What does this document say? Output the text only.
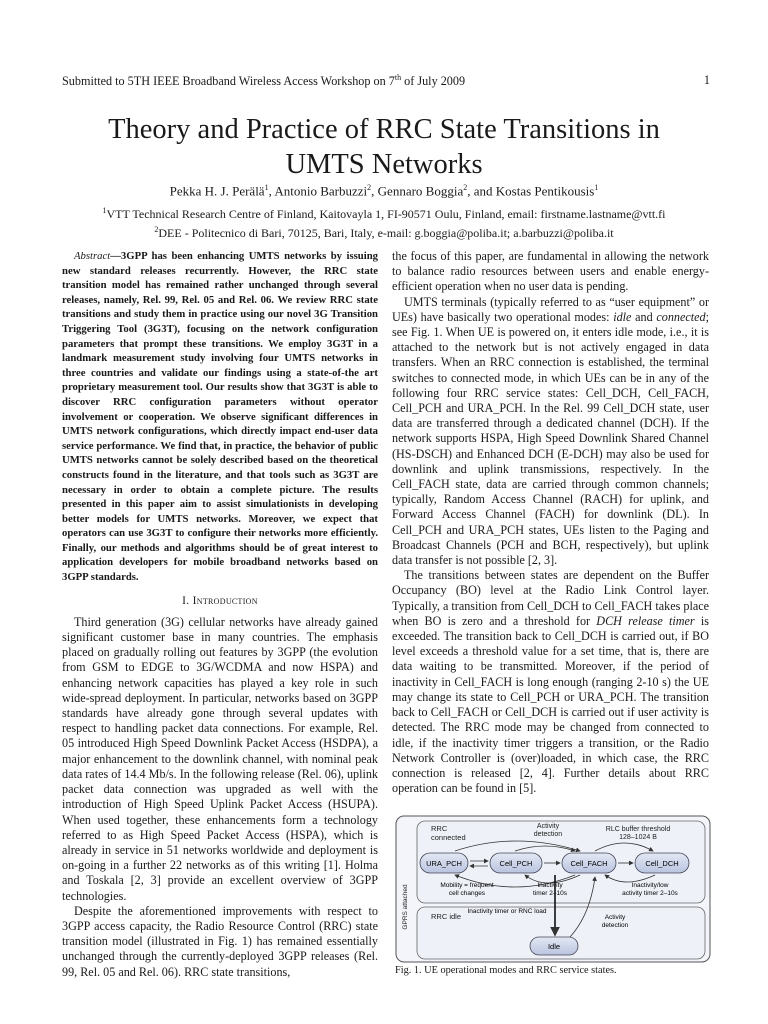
Submitted to 5TH IEEE Broadband Wireless Access Workshop on 7th of July 2009	1
Theory and Practice of RRC State Transitions in
UMTS Networks
Pekka H. J. Perälä$^1$, Antonio Barbuzzi$^2$, Gennaro Boggia$^2$, and Kostas Pentikousis$^1$
$^1$VTT Technical Research Centre of Finland, Kaitovayla 1, FI-90571 Oulu, Finland, email: firstname.lastname@vtt.fi
$^2$DEE - Politecnico di Bari, 70125, Bari, Italy, e-mail: g.boggia@poliba.it; a.barbuzzi@poliba.it
Abstract—3GPP has been enhancing UMTS networks by issuing new standard releases recurrently. However, the RRC state transition model has remained rather unchanged through several releases, namely, Rel. 99, Rel. 05 and Rel. 06. We review RRC state transitions and study them in practice using our novel 3G Transition Triggering Tool (3G3T), focusing on the network configuration parameters that prompt these transitions. We employ 3G3T in a landmark measurement study involving four UMTS networks in three countries and validate our findings using a state-of-the art proprietary measurement tool. Our results show that 3G3T is able to discover RRC configuration parameters without operator involvement or cooperation. We observe significant differences in UMTS network configurations, which directly impact end-user data service performance. We find that, in practice, the behavior of public UMTS networks cannot be solely described based on the theoretical constructs found in the literature, and that tools such as 3G3T are necessary in order to obtain a complete picture. The results presented in this paper aim to assist simulationists in developing better models for UMTS networks. Moreover, we expect that operators can use 3G3T to configure their networks more efficiently. Finally, our methods and algorithms should be of great interest to application developers for mobile broadband networks based on 3GPP standards.
I. Introduction

Third generation (3G) cellular networks have already gained significant customer base in many countries. The emphasis placed on gradually rolling out features by 3GPP (the evolution from GSM to EDGE to 3G/WCDMA and now HSPA) and enhancing network capacities has played a key role in such wide-spread deployment. In particular, networks based on 3GPP standards have already gone through several updates with respect to handling packet data connections. For example, Rel. 05 introduced High Speed Downlink Packet Access (HSDPA), a major enhancement to the downlink channel, with nominal peak data rates of 14.4 Mb/s. In the following release (Rel. 06), uplink packet data connection was upgraded as well with the introduction of High Speed Uplink Packet Access (HSUPA). When used together, these enhancements form a technology referred to as High Speed Packet Access (HSPA), which is already in service in 51 networks worldwide and deployment is on-going in a further 22 networks as of this writing [1]. Holma and Toskala [2, 3] provide an excellent overview of 3GPP technologies.

Despite the aforementioned improvements with respect to 3GPP access capacity, the Radio Resource Control (RRC) state transition model (illustrated in Fig. 1) has remained essentially unchanged through the currently-deployed 3GPP releases (Rel. 99, Rel. 05 and Rel. 06). RRC state transitions,

the focus of this paper, are fundamental in allowing the network to balance radio resources between users and enable energy-efficient operation when no user data is pending.

UMTS terminals (typically referred to as “user equipment” or UEs) have basically two operational modes: idle and connected; see Fig. 1. When UE is powered on, it enters idle mode, i.e., it is attached to the network but is not actively engaged in data transfers. When an RRC connection is established, the terminal switches to connected mode, in which UEs can be in any of the following four RRC service states: Cell_DCH, Cell_FACH, Cell_PCH and URA_PCH. In the Rel. 99 Cell_DCH state, user data are transferred through a dedicated channel (DCH). If the network supports HSPA, High Speed Downlink Shared Channel (HS-DSCH) and Enhanced DCH (E-DCH) may also be used for downlink and uplink transmissions, respectively. In the Cell_FACH state, data are carried through common channels; typically, Random Access Channel (RACH) for uplink, and Forward Access Channel (FACH) for downlink (DL). In Cell_PCH and URA_PCH states, UEs listen to the Paging and Broadcast Channels (PCH and BCH, respectively), but uplink data transfer is not possible [2, 3].

The transitions between states are dependent on the Buffer Occupancy (BO) level at the Radio Link Control layer. Typically, a transition from Cell_DCH to Cell_FACH takes place when BO is zero and a threshold for DCH release timer is exceeded. The transition back to Cell_DCH is carried out, if BO level exceeds a threshold value for a set time, that is, there are data waiting to be transmitted. Moreover, if the period of inactivity in Cell_FACH is long enough (ranging 2-10 s) the UE may change its state to Cell_PCH or URA_PCH. The transition back to Cell_FACH or Cell_DCH is carried out if user activity is detected. The RRC mode may be changed from connected to idle, if the inactivity timer triggers a transition, or the Radio Network Controller is (over)loaded, in which case, the RRC connection is released [2, 4]. Further details about RRC operation can be found in [5].

RRC
connected
Activity
detection
RLC buffer threshold
128–1024 B
URA_PCH	Cell_PCH	Cell_FACH	Cell_DCH
GPRS attached	Mobility = frequent
cell changes
Inactivity
timer 2–10s
Inactivity/low
activity timer 2–10s
Inactivity timer or RNC load
RRC idle	Activity
detection
Idle
Fig. 1. UE operational modes and RRC service states.
